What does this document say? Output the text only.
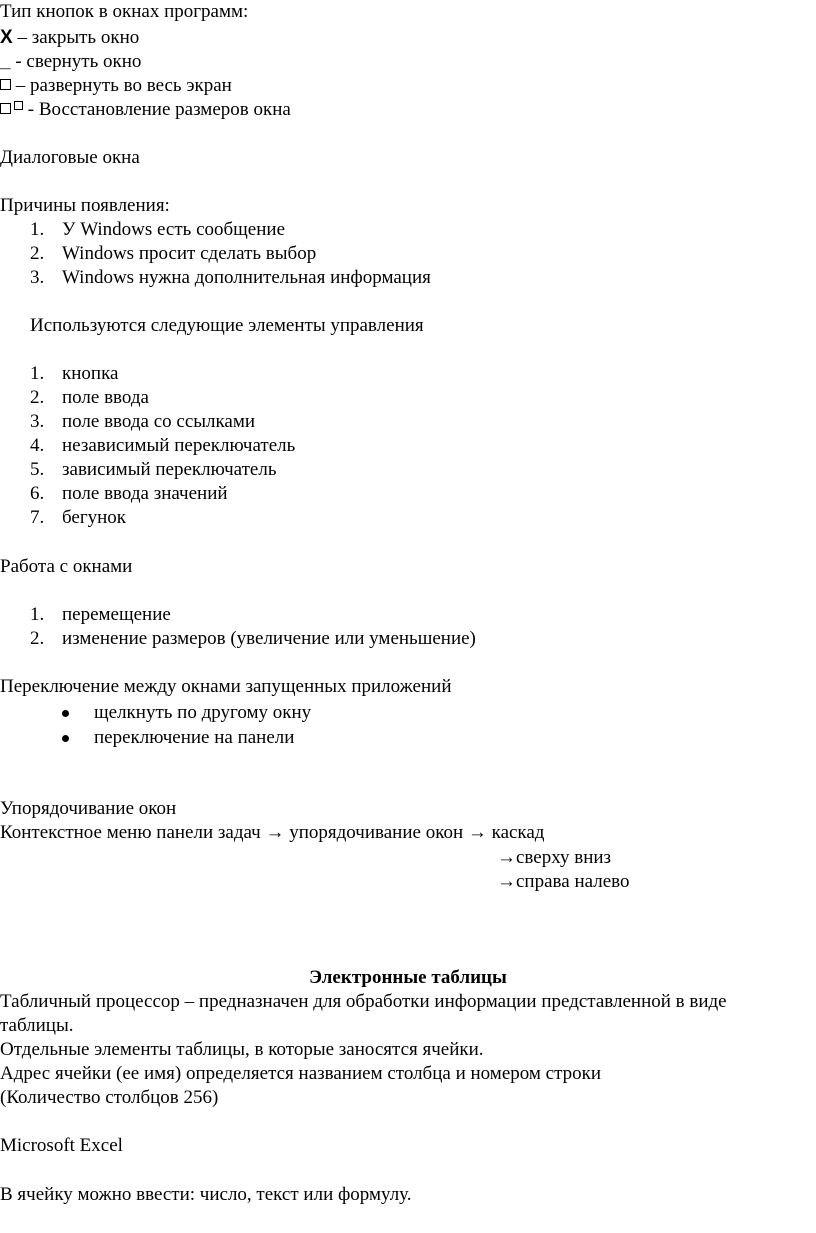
Тип кнопок в окнах программ:
X – закрыть окно
_ - свернуть окно
– развернуть во весь экран
- Восстановление размеров окна
Диалоговые окна
Причины появления:
1. У Windows есть сообщение
2. Windows просит сделать выбор
3. Windows нужна дополнительная информация
Используются следующие элементы управления
1. кнопка
2. поле ввода
3. поле ввода со ссылками
4. независимый переключатель
5. зависимый переключатель
6. поле ввода значений
7. бегунок
Работа с окнами
1. перемещение
2. изменение размеров (увеличение или уменьшение)
Переключение между окнами запущенных приложений
щелкнуть по другому окну
переключение на панели
Упорядочивание окон
Контекстное меню панели задач → упорядочивание окон → каскад
→сверху вниз
→справа налево
Электронные таблицы
Табличный процессор – предназначен для обработки информации представленной в виде
таблицы.
Отдельные элементы таблицы, в которые заносятся ячейки.
Адрес ячейки (ее имя) определяется названием столбца и номером строки
(Количество столбцов 256)
Microsoft Excel
В ячейку можно ввести: число, текст или формулу.
